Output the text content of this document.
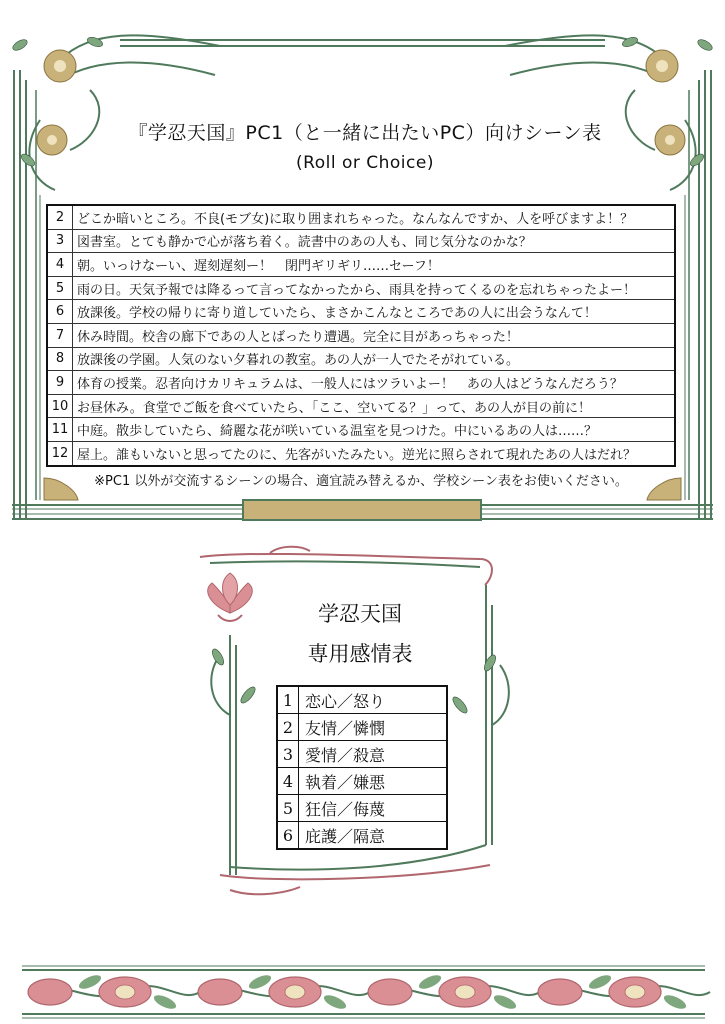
『学忍天国』PC1（と一緒に出たいPC）向けシーン表
(Roll or Choice)
2	どこか暗いところ。不良(モブ女)に取り囲まれちゃった。なんなんですか、人を呼びますよ！？
3	図書室。とても静かで心が落ち着く。読書中のあの人も、同じ気分なのかな？
4	朝。いっけなーい、遅刻遅刻ー！　閉門ギリギリ……セーフ！
5	雨の日。天気予報では降るって言ってなかったから、雨具を持ってくるのを忘れちゃったよー！
6	放課後。学校の帰りに寄り道していたら、まさかこんなところであの人に出会うなんて！
7	休み時間。校舎の廊下であの人とばったり遭遇。完全に目があっちゃった！
8	放課後の学園。人気のない夕暮れの教室。あの人が一人でたそがれている。
9	体育の授業。忍者向けカリキュラムは、一般人にはツラいよー！　あの人はどうなんだろう？
10	お昼休み。食堂でご飯を食べていたら、「ここ、空いてる？」って、あの人が目の前に！
11	中庭。散歩していたら、綺麗な花が咲いている温室を見つけた。中にいるあの人は……？
12	屋上。誰もいないと思ってたのに、先客がいたみたい。逆光に照らされて現れたあの人はだれ？
※PC1 以外が交流するシーンの場合、適宜読み替えるか、学校シーン表をお使いください。
学忍天国
専用感情表
1	恋心／怒り
2	友情／憐憫
3	愛情／殺意
4	執着／嫌悪
5	狂信／侮蔑
6	庇護／隔意
